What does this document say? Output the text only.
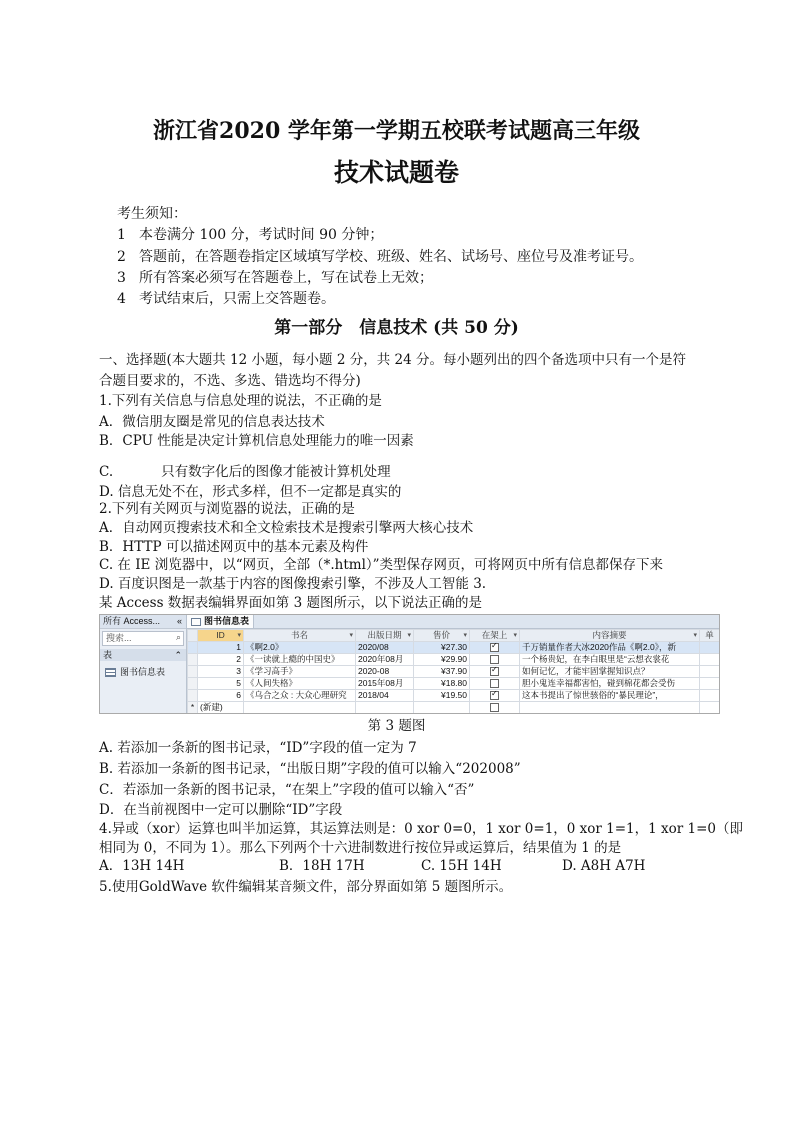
浙江省2020 学年第一学期五校联考试题高三年级
技术试题卷
考生须知：
1 本卷满分 100 分，考试时间 90 分钟；
2 答题前，在答题卷指定区域填写学校、班级、姓名、试场号、座位号及准考证号。
3 所有答案必须写在答题卷上，写在试卷上无效；
4 考试结束后，只需上交答题卷。
第一部分　信息技术 (共 50 分)
一、选择题(本大题共 12 小题，每小题 2 分，共 24 分。每小题列出的四个备选项中只有一个是符
合题目要求的，不选、多选、错选均不得分)
1.下列有关信息与信息处理的说法，不正确的是
A．微信朋友圈是常见的信息表达技术
B．CPU 性能是决定计算机信息处理能力的唯一因素
C.	只有数字化后的图像才能被计算机处理
D. 信息无处不在，形式多样，但不一定都是真实的
2.下列有关网页与浏览器的说法，正确的是
A．自动网页搜索技术和全文检索技术是搜索引擎两大核心技术
B．HTTP 可以描述网页中的基本元素及构件
C. 在 IE 浏览器中，以“网页，全部（*.html）”类型保存网页，可将网页中所有信息都保存下来
D. 百度识图是一款基于内容的图像搜索引擎，不涉及人工智能 3.
某 Access 数据表编辑界面如第 3 题图所示，以下说法正确的是
所有 Access... «
搜索...	⌕
表	⌃
图书信息表
图书信息表
	ID ▾	书名 ▾	出版日期 ▾	售价 ▾	在架上 ▾	内容摘要 ▾	单
	1	《啊2.0》	2020/08	¥27.30	✓	千万销量作者大冰2020作品《啊2.0》，新	
	2	《一读就上瘾的中国史》	2020年08月	¥29.90		一个杨贵妃，在李白眼里是“云想衣裳花	
	3	《学习高手》	2020-08	¥37.90	✓	如何记忆，才能牢固掌握知识点？	
	5	《人间失格》	2015年08月	¥18.80		胆小鬼连幸福都害怕，碰到棉花都会受伤	
	6	《乌合之众 : 大众心理研究	2018/04	¥19.50	✓	这本书提出了惊世骇俗的“暴民理论”，	
*	(新建)						
第 3 题图
A. 若添加一条新的图书记录，“ID”字段的值一定为 7
B. 若添加一条新的图书记录，“出版日期”字段的值可以输入“202008”
C．若添加一条新的图书记录，“在架上”字段的值可以输入“否”
D．在当前视图中一定可以删除“ID”字段
4.异或（xor）运算也叫半加运算，其运算法则是：0 xor 0=0，1 xor 0=1，0 xor 1=1，1 xor 1=0（即
相同为 0，不同为 1）。那么下列两个十六进制数进行按位异或运算后，结果值为 1 的是
A．13H 14H	B．18H 17H	C. 15H 14H	D. A8H A7H
5.使用GoldWave 软件编辑某音频文件，部分界面如第 5 题图所示。
